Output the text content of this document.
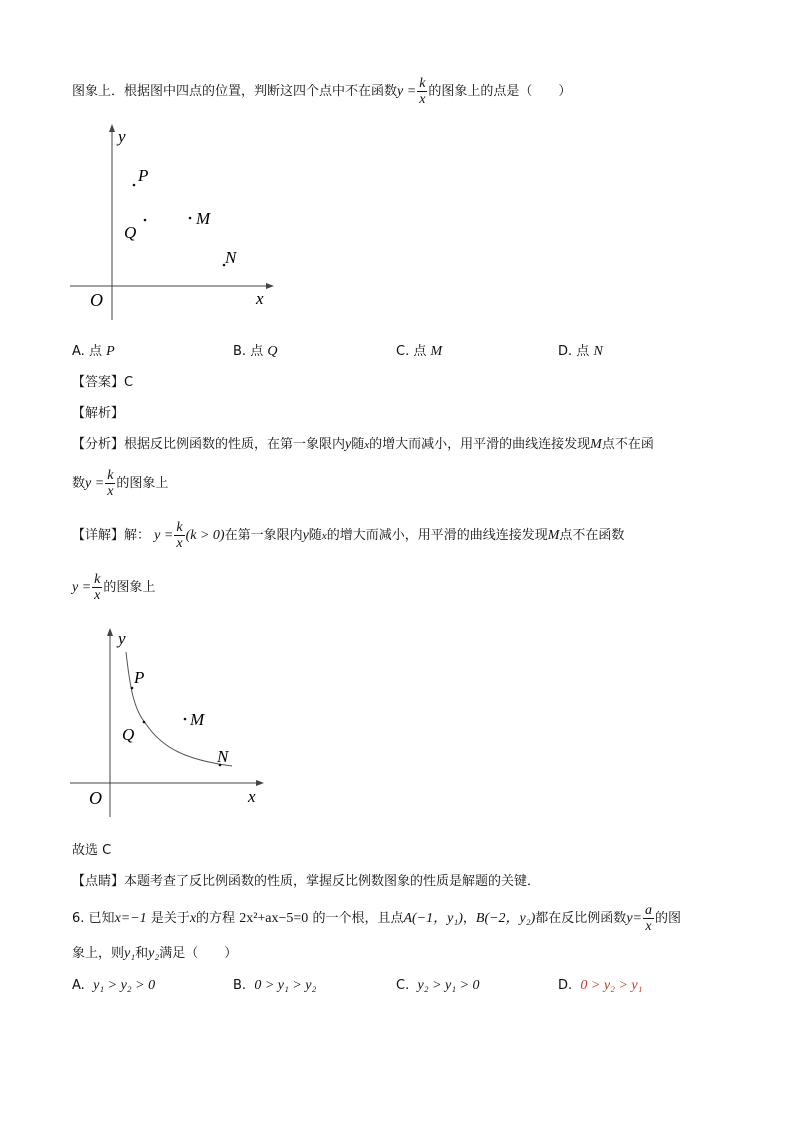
图象上．根据图中四点的位置，判断这四个点中不在函数$y = \frac{k}{x}$ 的图象上的点是（　　）
y
x
O
P
Q
M
N
A. 点 P	B. 点 Q	C. 点 M	D. 点 N
【答案】C
【解析】
【分析】根据反比例函数的性质，在第一象限内y随x的增大而减小，用平滑的曲线连接发现M点不在函
数$y = \frac{k}{x}$ 的图象上
【详解】解： $y = \frac{k}{x} (k > 0)$在第一象限内y随x的增大而减小，用平滑的曲线连接发现M点不在函数
$y = \frac{k}{x}$ 的图象上
y
x
O
P
Q
M
N
故选 C
【点睛】本题考查了反比例函数的性质，掌握反比例数图象的性质是解题的关键．
6. 已知x=−1 是关于x的方程 2x²+ax−5=0 的一个根，且点A(−1，y₁)，B(−2，y₂)都在反比例函数$y= \frac{a}{x}$ 的图
象上，则y₁和y₂满足（　　）
A. y₁ > y₂ > 0	B. 0 > y₁ > y₂	C. y₂ > y₁ > 0	D. 0 > y₂ > y₁
